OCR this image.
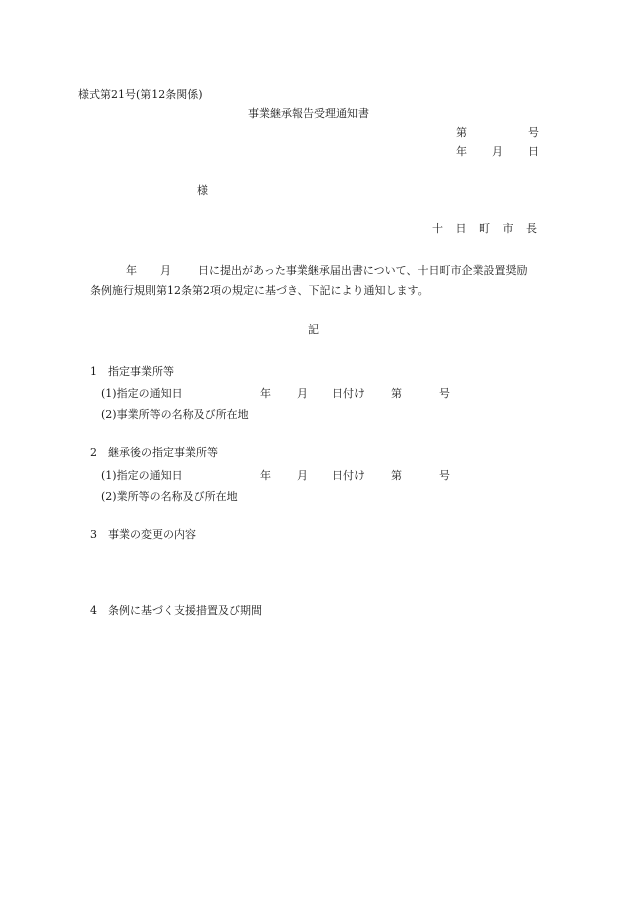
様式第21号(第12条関係)
事業継承報告受理通知書
第	号
年 月 日
様
十 日 町 市 長
年 月 日に提出があった事業継承届出書について、十日町市企業設置奨励
条例施行規則第12条第2項の規定に基づき、下記により通知します。
記
1　指定事業所等
(1)指定の通知日	年 月 日付け 第	号
(2)事業所等の名称及び所在地
2　継承後の指定事業所等
(1)指定の通知日	年 月 日付け 第	号
(2)業所等の名称及び所在地
3　事業の変更の内容
4　条例に基づく支援措置及び期間
